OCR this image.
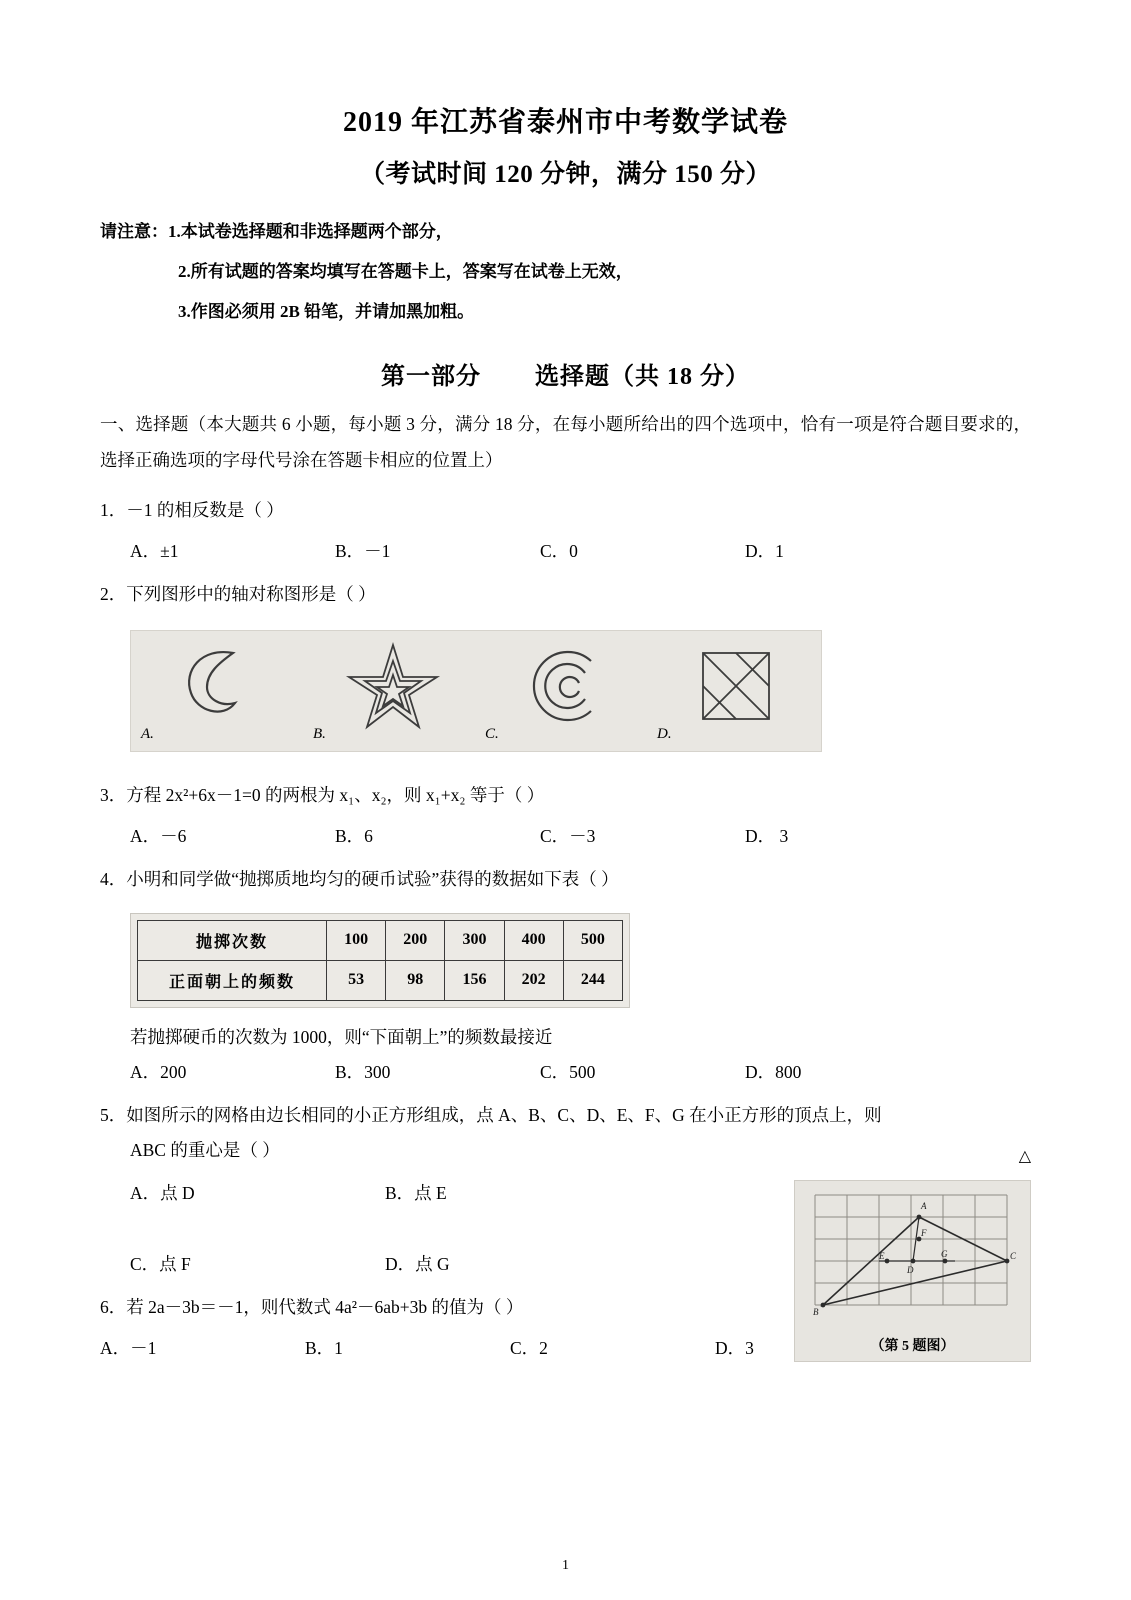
2019 年江苏省泰州市中考数学试卷
（考试时间 120 分钟，满分 150 分）
请注意：1.本试卷选择题和非选择题两个部分，
2.所有试题的答案均填写在答题卡上，答案写在试卷上无效，
3.作图必须用 2B 铅笔，并请加黑加粗。
第一部分 选择题（共 18 分）
一、选择题（本大题共 6 小题，每小题 3 分，满分 18 分，在每小题所给出的四个选项中，恰有一项是符合题目要求的，选择正确选项的字母代号涂在答题卡相应的位置上）
1．－1 的相反数是（ ）
A．±1	B．－1	C．0	D．1
2．下列图形中的轴对称图形是（ ）
A.	B.	C.	D.
3．方程 2x²+6x－1=0 的两根为 x₁、x₂，则 x₁+x₂ 等于（ ）
A．－6	B．6	C．－3	D． 3
4．小明和同学做“抛掷质地均匀的硬币试验”获得的数据如下表（ ）
抛掷次数	100	200	300	400	500
正面朝上的频数	53	98	156	202	244
若抛掷硬币的次数为 1000，则“下面朝上”的频数最接近
A．200	B．300	C．500	D．800
5．如图所示的网格由边长相同的小正方形组成，点 A、B、C、D、E、F、G 在小正方形的顶点上，则
ABC 的重心是（ ）
A．点 D	B．点 E
C．点 F	D．点 G
6．若 2a－3b＝－1，则代数式 4a²－6ab+3b 的值为（ ）
A．－1	B．1	C．2	D．3
△
A
B
C
D
E
F
G
（第 5 题图）
1
